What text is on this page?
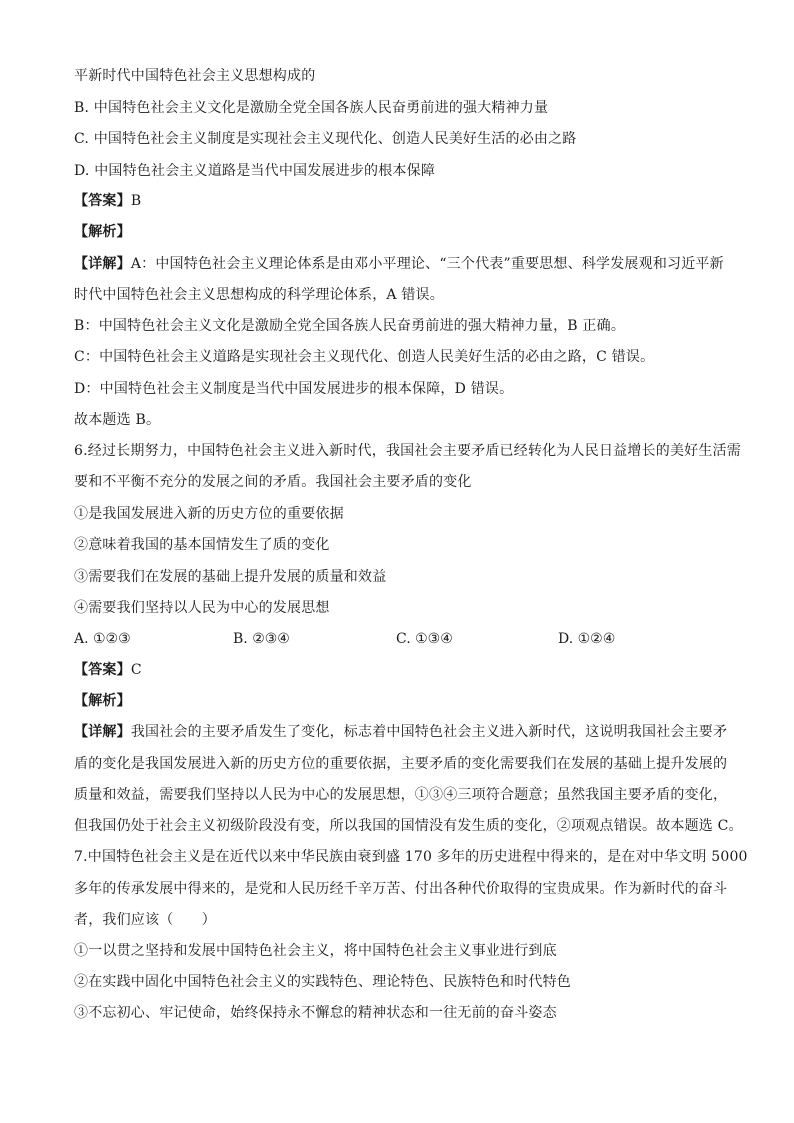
平新时代中国特色社会主义思想构成的
B. 中国特色社会主义文化是激励全党全国各族人民奋勇前进的强大精神力量
C. 中国特色社会主义制度是实现社会主义现代化、创造人民美好生活的必由之路
D. 中国特色社会主义道路是当代中国发展进步的根本保障
【答案】B
【解析】
【详解】A：中国特色社会主义理论体系是由邓小平理论、“三个代表”重要思想、科学发展观和习近平新
时代中国特色社会主义思想构成的科学理论体系，A 错误。
B：中国特色社会主义文化是激励全党全国各族人民奋勇前进的强大精神力量，B 正确。
C：中国特色社会主义道路是实现社会主义现代化、创造人民美好生活的必由之路，C 错误。
D：中国特色社会主义制度是当代中国发展进步的根本保障，D 错误。
故本题选 B。
6.经过长期努力，中国特色社会主义进入新时代，我国社会主要矛盾已经转化为人民日益增长的美好生活需
要和不平衡不充分的发展之间的矛盾。我国社会主要矛盾的变化
①是我国发展进入新的历史方位的重要依据
②意味着我国的基本国情发生了质的变化
③需要我们在发展的基础上提升发展的质量和效益
④需要我们坚持以人民为中心的发展思想
A. ①②③	B. ②③④	C. ①③④	D. ①②④
【答案】C
【解析】
【详解】我国社会的主要矛盾发生了变化，标志着中国特色社会主义进入新时代，这说明我国社会主要矛
盾的变化是我国发展进入新的历史方位的重要依据，主要矛盾的变化需要我们在发展的基础上提升发展的
质量和效益，需要我们坚持以人民为中心的发展思想，①③④三项符合题意；虽然我国主要矛盾的变化，
但我国仍处于社会主义初级阶段没有变，所以我国的国情没有发生质的变化，②项观点错误。故本题选 C。
7.中国特色社会主义是在近代以来中华民族由衰到盛 170 多年的历史进程中得来的，是在对中华文明 5000
多年的传承发展中得来的，是党和人民历经千辛万苦、付出各种代价取得的宝贵成果。作为新时代的奋斗
者，我们应该（　　）
①一以贯之坚持和发展中国特色社会主义，将中国特色社会主义事业进行到底
②在实践中固化中国特色社会主义的实践特色、理论特色、民族特色和时代特色
③不忘初心、牢记使命，始终保持永不懈怠的精神状态和一往无前的奋斗姿态
